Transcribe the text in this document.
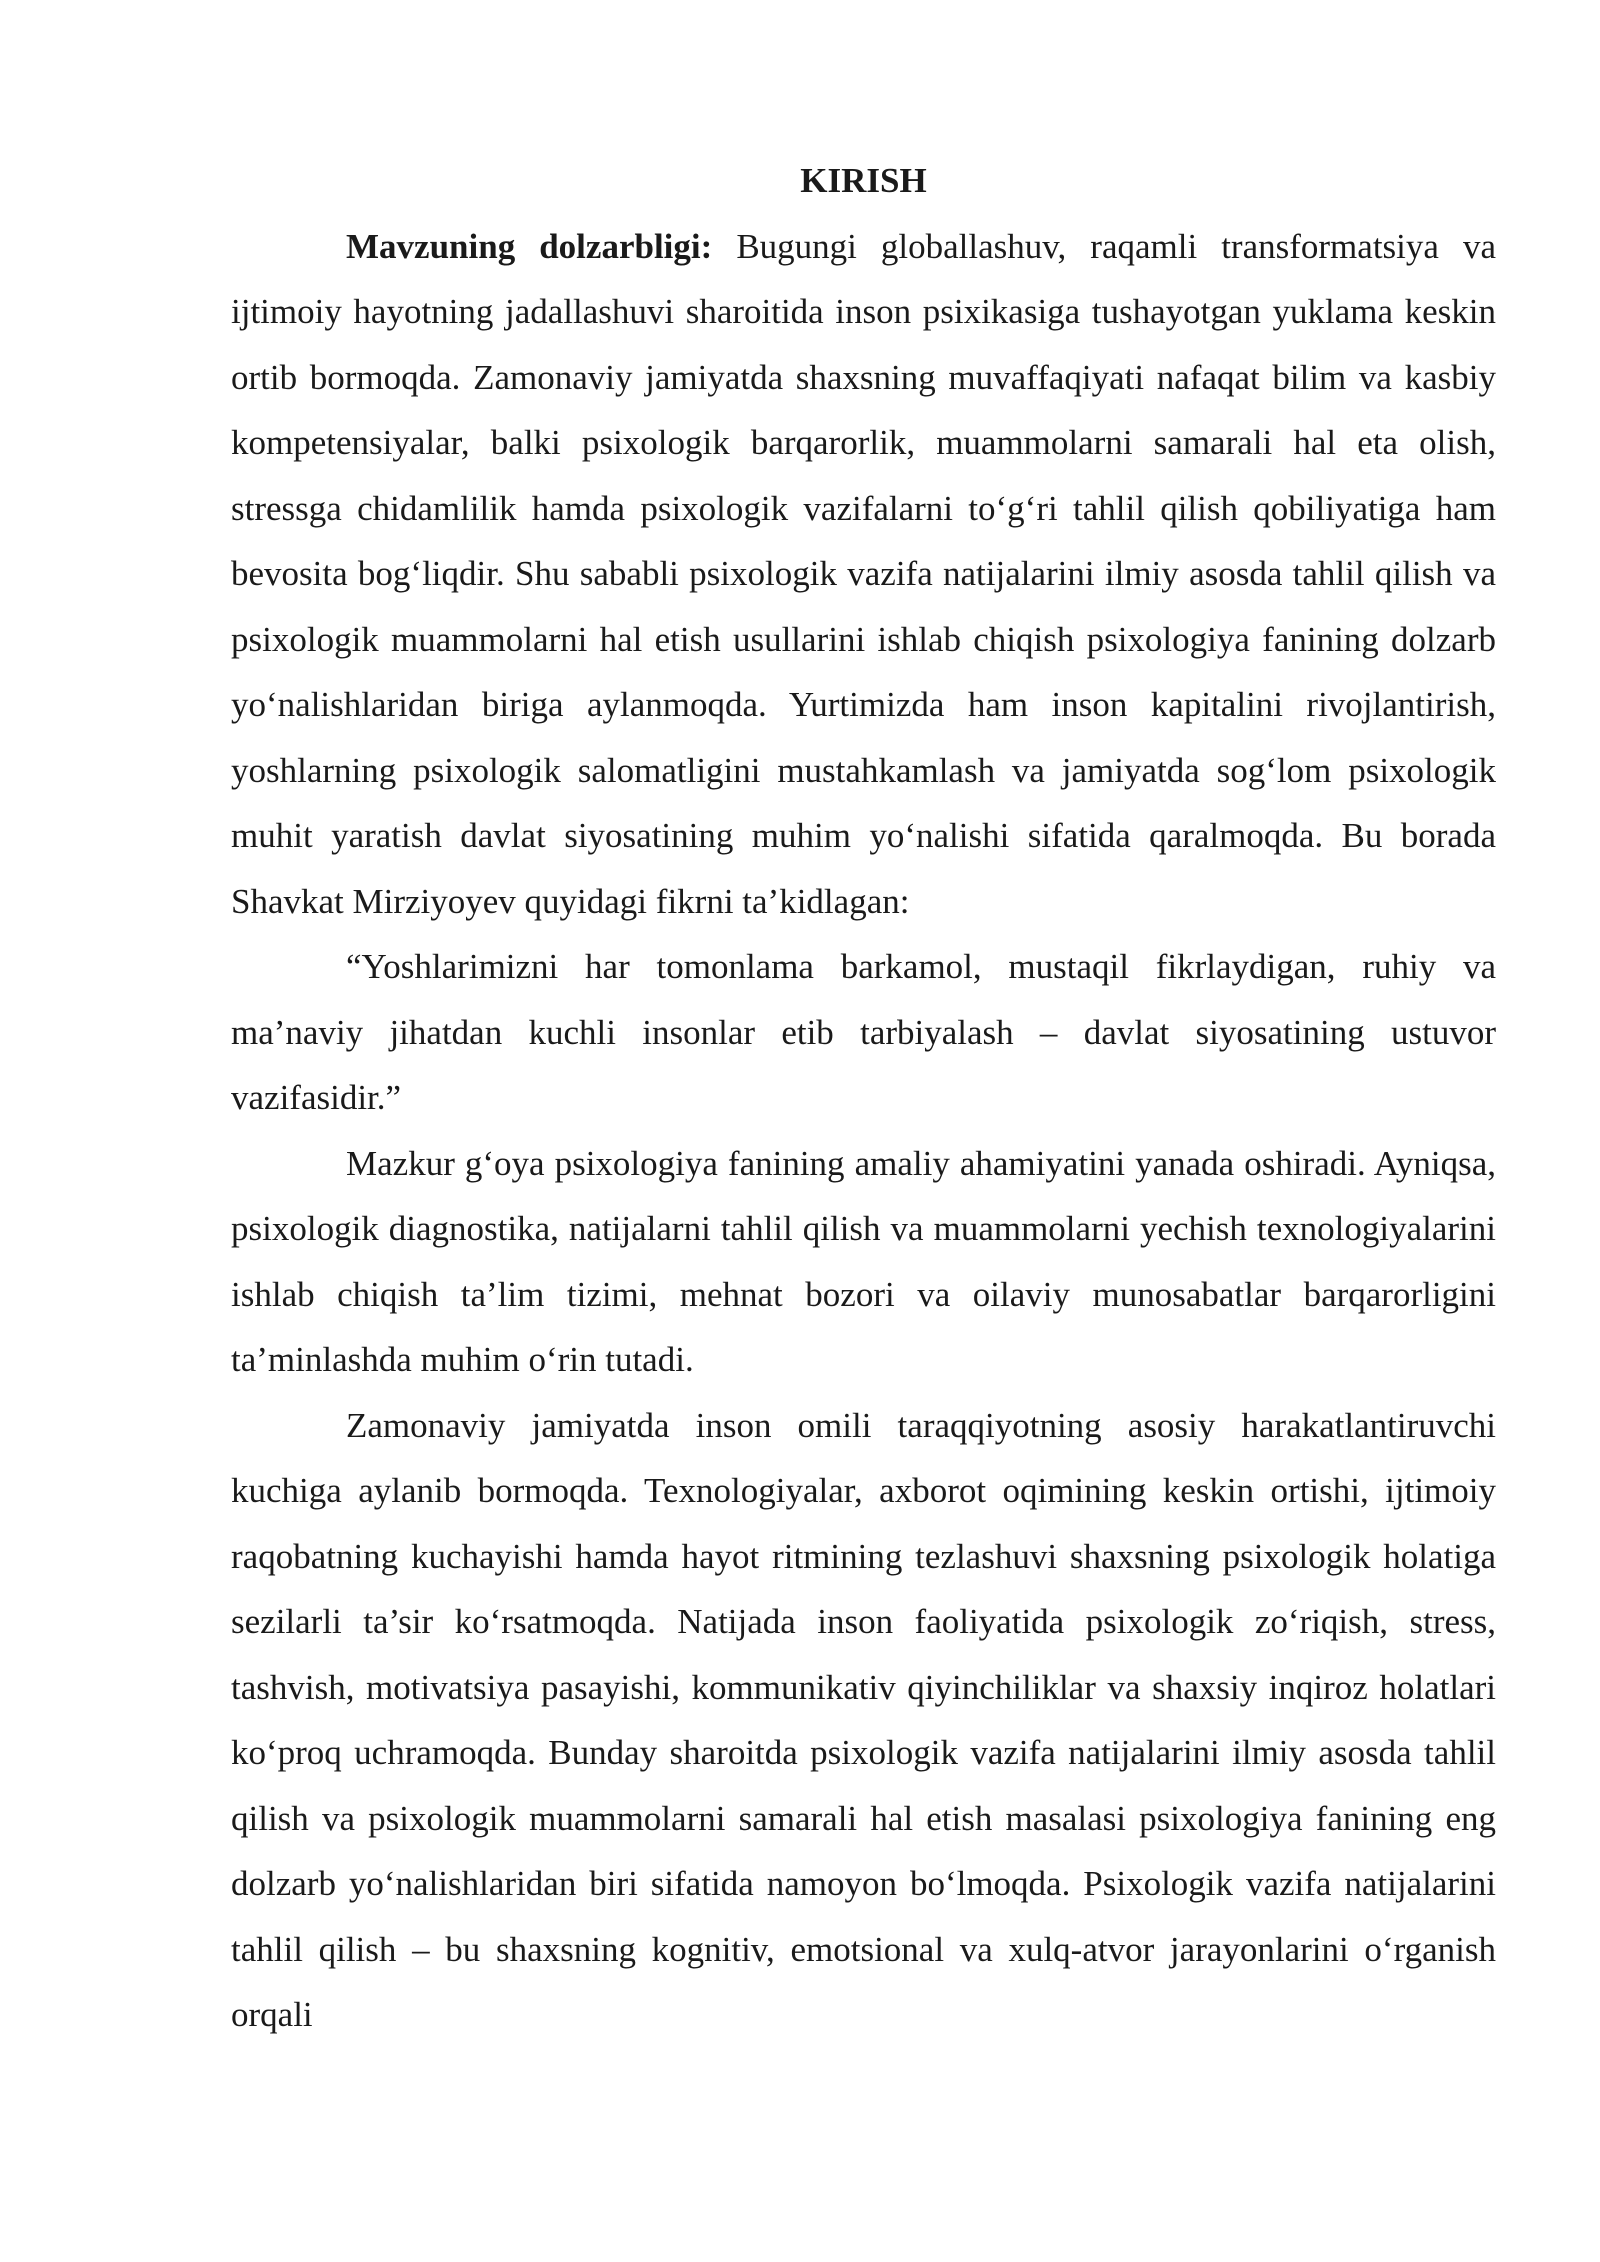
KIRISH

Mavzuning dolzarbligi: Bugungi globallashuv, raqamli transformatsiya va ijtimoiy hayotning jadallashuvi sharoitida inson psixikasiga tushayotgan yuklama keskin ortib bormoqda. Zamonaviy jamiyatda shaxsning muvaffaqiyati nafaqat bilim va kasbiy kompetensiyalar, balki psixologik barqarorlik, muammolarni samarali hal eta olish, stressga chidamlilik hamda psixologik vazifalarni to‘g‘ri tahlil qilish qobiliyatiga ham bevosita bog‘liqdir. Shu sababli psixologik vazifa natijalarini ilmiy asosda tahlil qilish va psixologik muammolarni hal etish usullarini ishlab chiqish psixologiya fanining dolzarb yo‘nalishlaridan biriga aylanmoqda. Yurtimizda ham inson kapitalini rivojlantirish, yoshlarning psixologik salomatligini mustahkamlash va jamiyatda sog‘lom psixologik muhit yaratish davlat siyosatining muhim yo‘nalishi sifatida qaralmoqda. Bu borada Shavkat Mirziyoyev quyidagi fikrni ta’kidlagan:

“Yoshlarimizni har tomonlama barkamol, mustaqil fikrlaydigan, ruhiy va ma’naviy jihatdan kuchli insonlar etib tarbiyalash – davlat siyosatining ustuvor vazifasidir.”

Mazkur g‘oya psixologiya fanining amaliy ahamiyatini yanada oshiradi. Ayniqsa, psixologik diagnostika, natijalarni tahlil qilish va muammolarni yechish texnologiyalarini ishlab chiqish ta’lim tizimi, mehnat bozori va oilaviy munosabatlar barqarorligini ta’minlashda muhim o‘rin tutadi.

Zamonaviy jamiyatda inson omili taraqqiyotning asosiy harakatlantiruvchi kuchiga aylanib bormoqda. Texnologiyalar, axborot oqimining keskin ortishi, ijtimoiy raqobatning kuchayishi hamda hayot ritmining tezlashuvi shaxsning psixologik holatiga sezilarli ta’sir ko‘rsatmoqda. Natijada inson faoliyatida psixologik zo‘riqish, stress, tashvish, motivatsiya pasayishi, kommunikativ qiyinchiliklar va shaxsiy inqiroz holatlari ko‘proq uchramoqda. Bunday sharoitda psixologik vazifa natijalarini ilmiy asosda tahlil qilish va psixologik muammolarni samarali hal etish masalasi psixologiya fanining eng dolzarb yo‘nalishlaridan biri sifatida namoyon bo‘lmoqda. Psixologik vazifa natijalarini tahlil qilish – bu shaxsning kognitiv, emotsional va xulq-atvor jarayonlarini o‘rganish orqali
